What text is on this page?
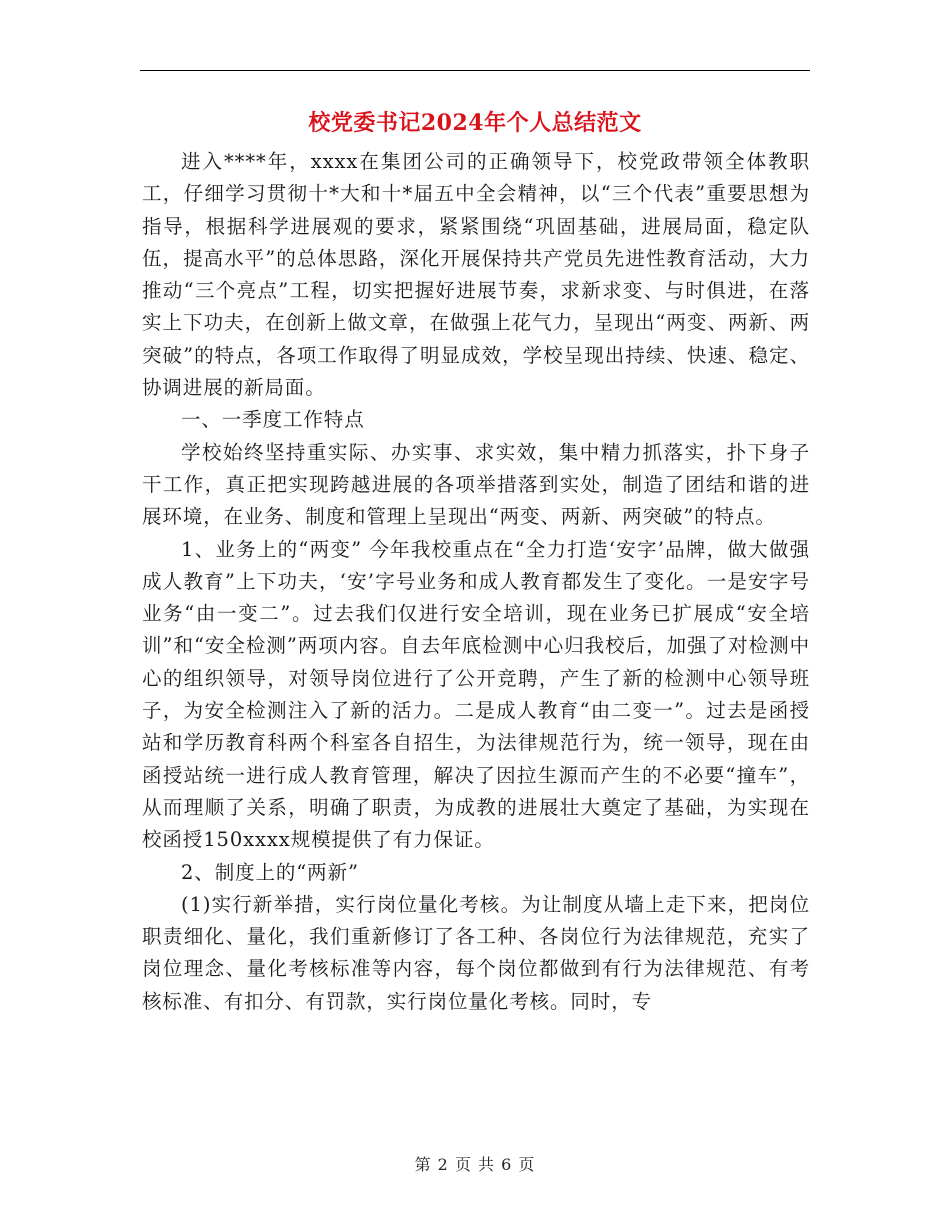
校党委书记2024年个人总结范文

进入****年，xxxx在集团公司的正确领导下，校党政带领全体教职工，仔细学习贯彻十*大和十*届五中全会精神，以“三个代表”重要思想为指导，根据科学进展观的要求，紧紧围绕“巩固基础，进展局面，稳定队伍，提高水平”的总体思路，深化开展保持共产党员先进性教育活动，大力推动“三个亮点”工程，切实把握好进展节奏，求新求变、与时俱进，在落实上下功夫，在创新上做文章，在做强上花气力，呈现出“两变、两新、两突破”的特点，各项工作取得了明显成效，学校呈现出持续、快速、稳定、协调进展的新局面。

一、一季度工作特点

学校始终坚持重实际、办实事、求实效，集中精力抓落实，扑下身子干工作，真正把实现跨越进展的各项举措落到实处，制造了团结和谐的进展环境，在业务、制度和管理上呈现出“两变、两新、两突破”的特点。

1、业务上的“两变” 今年我校重点在“全力打造‘安字’品牌，做大做强成人教育”上下功夫，‘安’字号业务和成人教育都发生了变化。一是安字号业务“由一变二”。过去我们仅进行安全培训，现在业务已扩展成“安全培训”和“安全检测”两项内容。自去年底检测中心归我校后，加强了对检测中心的组织领导，对领导岗位进行了公开竞聘，产生了新的检测中心领导班子，为安全检测注入了新的活力。二是成人教育“由二变一”。过去是函授站和学历教育科两个科室各自招生，为法律规范行为，统一领导，现在由函授站统一进行成人教育管理，解决了因拉生源而产生的不必要“撞车”，从而理顺了关系，明确了职责，为成教的进展壮大奠定了基础，为实现在校函授150xxxx规模提供了有力保证。

2、制度上的“两新”

(1)实行新举措，实行岗位量化考核。为让制度从墙上走下来，把岗位职责细化、量化，我们重新修订了各工种、各岗位行为法律规范，充实了岗位理念、量化考核标准等内容，每个岗位都做到有行为法律规范、有考核标准、有扣分、有罚款，实行岗位量化考核。同时，专

第 2 页 共 6 页
